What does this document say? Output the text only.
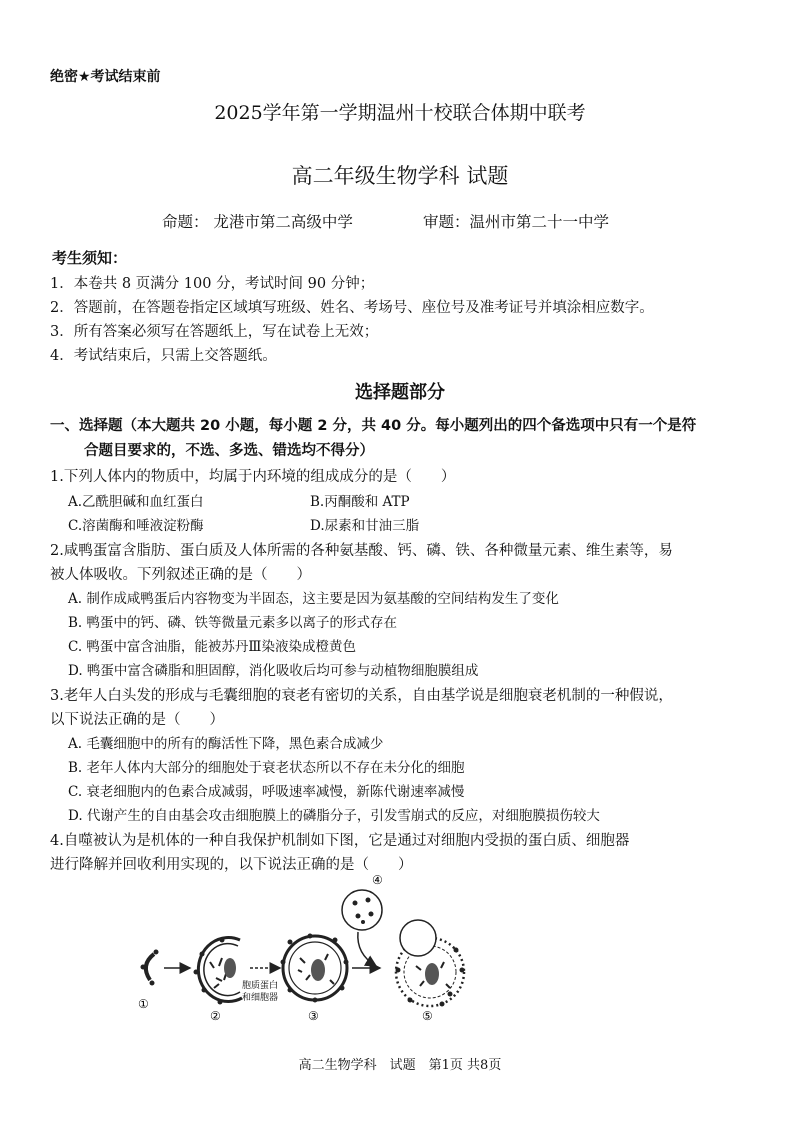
绝密★考试结束前
2025学年第一学期温州十校联合体期中联考
高二年级生物学科 试题
命题： 龙港市第二高级中学	审题：温州市第二十一中学
考生须知：
1．本卷共 8 页满分 100 分，考试时间 90 分钟；
2．答题前，在答题卷指定区域填写班级、姓名、考场号、座位号及准考证号并填涂相应数字。
3．所有答案必须写在答题纸上，写在试卷上无效；
4．考试结束后，只需上交答题纸。
选择题部分
一、选择题（本大题共 20 小题，每小题 2 分，共 40 分。每小题列出的四个备选项中只有一个是符
合题目要求的，不选、多选、错选均不得分）
1.下列人体内的物质中，均属于内环境的组成成分的是（　　）
A.乙酰胆碱和血红蛋白	B.丙酮酸和 ATP
C.溶菌酶和唾液淀粉酶	D.尿素和甘油三脂
2.咸鸭蛋富含脂肪、蛋白质及人体所需的各种氨基酸、钙、磷、铁、各种微量元素、维生素等，易
被人体吸收。下列叙述正确的是（　　）
A. 制作成咸鸭蛋后内容物变为半固态，这主要是因为氨基酸的空间结构发生了变化
B. 鸭蛋中的钙、磷、铁等微量元素多以离子的形式存在
C. 鸭蛋中富含油脂，能被苏丹Ⅲ染液染成橙黄色
D. 鸭蛋中富含磷脂和胆固醇，消化吸收后均可参与动植物细胞膜组成
3.老年人白头发的形成与毛囊细胞的衰老有密切的关系，自由基学说是细胞衰老机制的一种假说，
以下说法正确的是（　　）
A. 毛囊细胞中的所有的酶活性下降，黑色素合成减少
B. 老年人体内大部分的细胞处于衰老状态所以不存在未分化的细胞
C. 衰老细胞内的色素合成减弱，呼吸速率减慢，新陈代谢速率减慢
D. 代谢产生的自由基会攻击细胞膜上的磷脂分子，引发雪崩式的反应，对细胞膜损伤较大
4.自噬被认为是机体的一种自我保护机制如下图，它是通过对细胞内受损的蛋白质、细胞器
进行降解并回收利用实现的，以下说法正确的是（　　）
①
②
胞质蛋白
和细胞器
③
④
⑤
高二生物学科　试题　第1页 共8页
